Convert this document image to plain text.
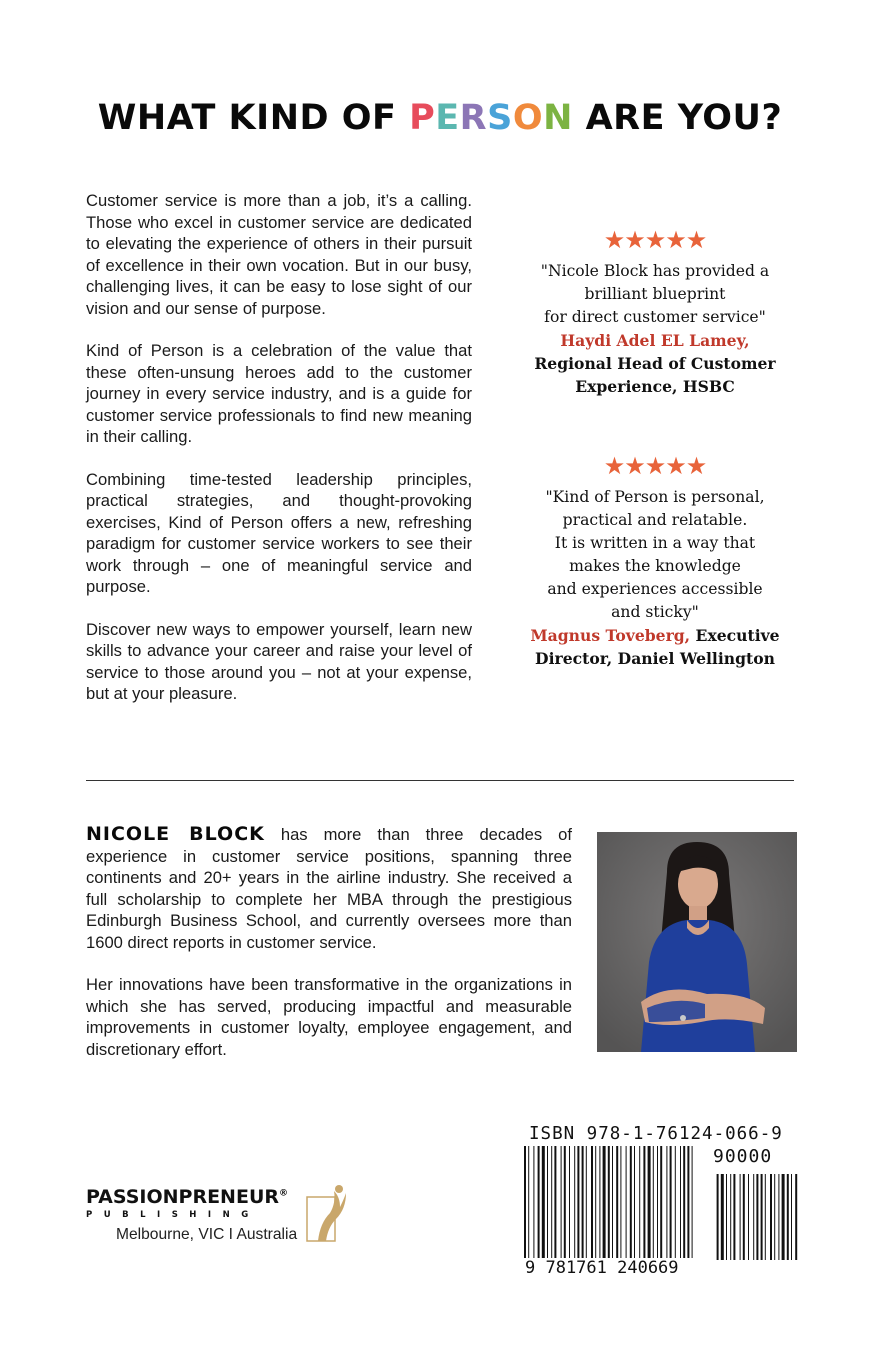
WHAT KIND OF PERSON ARE YOU?

Customer service is more than a job, it’s a calling. Those who excel in customer service are dedicated to elevating the experience of others in their pursuit of excellence in their own vocation. But in our busy, challenging lives, it can be easy to lose sight of our vision and our sense of purpose.

Kind of Person is a celebration of the value that these often-unsung heroes add to the customer journey in every service industry, and is a guide for customer service professionals to find new meaning in their calling.

Combining time-tested leadership principles, practical strategies, and thought-provoking exercises, Kind of Person offers a new, refreshing paradigm for customer service workers to see their work through – one of meaningful service and purpose.

Discover new ways to empower yourself, learn new skills to advance your career and raise your level of service to those around you – not at your expense, but at your pleasure.

★★★★★
"Nicole Block has provided a
brilliant blueprint
for direct customer service"
Haydi Adel EL Lamey,
Regional Head of Customer
Experience, HSBC
★★★★★
"Kind of Person is personal,
practical and relatable.
It is written in a way that
makes the knowledge
and experiences accessible
and sticky"
Magnus Toveberg, Executive
Director, Daniel Wellington

NICOLE BLOCK has more than three decades of experience in customer service positions, spanning three continents and 20+ years in the airline industry. She received a full scholarship to complete her MBA through the prestigious Edinburgh Business School, and currently oversees more than 1600 direct reports in customer service.

Her innovations have been transformative in the organizations in which she has served, producing impactful and measurable improvements in customer loyalty, employee engagement, and discretionary effort.

PASSIONPRENEUR®
PUBLISHING
Melbourne, VIC I Australia
ISBN 978-1-76124-066-9
90000
9 781761 240669
